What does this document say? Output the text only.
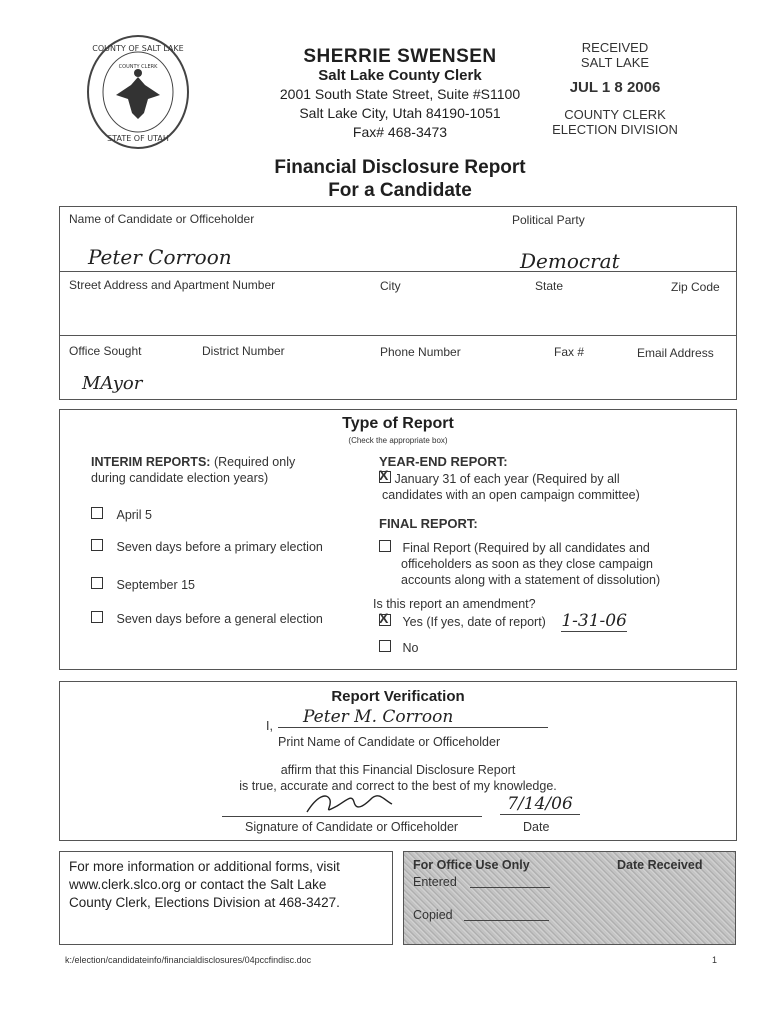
COUNTY OF SALT LAKE
STATE OF UTAH
COUNTY CLERK	SHERRIE SWENSEN
Salt Lake County Clerk
2001 South State Street, Suite #S1100
Salt Lake City, Utah 84190-1051
Fax# 468-3473
RECEIVED
SALT LAKE
JUL 1 8 2006
COUNTY CLERK
ELECTION DIVISION
Financial Disclosure Report
For a Candidate
Name of Candidate or Officeholder
Peter Corroon
Political Party
Democrat
Street Address and Apartment Number	City	State	Zip Code
Office Sought	District Number	Phone Number	Fax #	Email Address
MAyor
Type of Report
(Check the appropriate box)
INTERIM REPORTS: (Required only
during candidate election years)
April 5
Seven days before a primary election
September 15
Seven days before a general election
YEAR-END REPORT:
X January 31 of each year (Required by all
candidates with an open campaign committee)
FINAL REPORT:
Final Report (Required by all candidates and
officeholders as soon as they close campaign
accounts along with a statement of dissolution)
Is this report an amendment?
X Yes (If yes, date of report) 1-31-06
No
Report Verification
I,	Peter M. Corroon
Print Name of Candidate or Officeholder
affirm that this Financial Disclosure Report
is true, accurate and correct to the best of my knowledge.
7/14/06
Signature of Candidate or Officeholder	Date
For more information or additional forms, visit
www.clerk.slco.org or contact the Salt Lake
County Clerk, Elections Division at 468-3427.
For Office Use Only	Date Received
Entered
Copied
k:/election/candidateinfo/financialdisclosures/04pccfindisc.doc	1
